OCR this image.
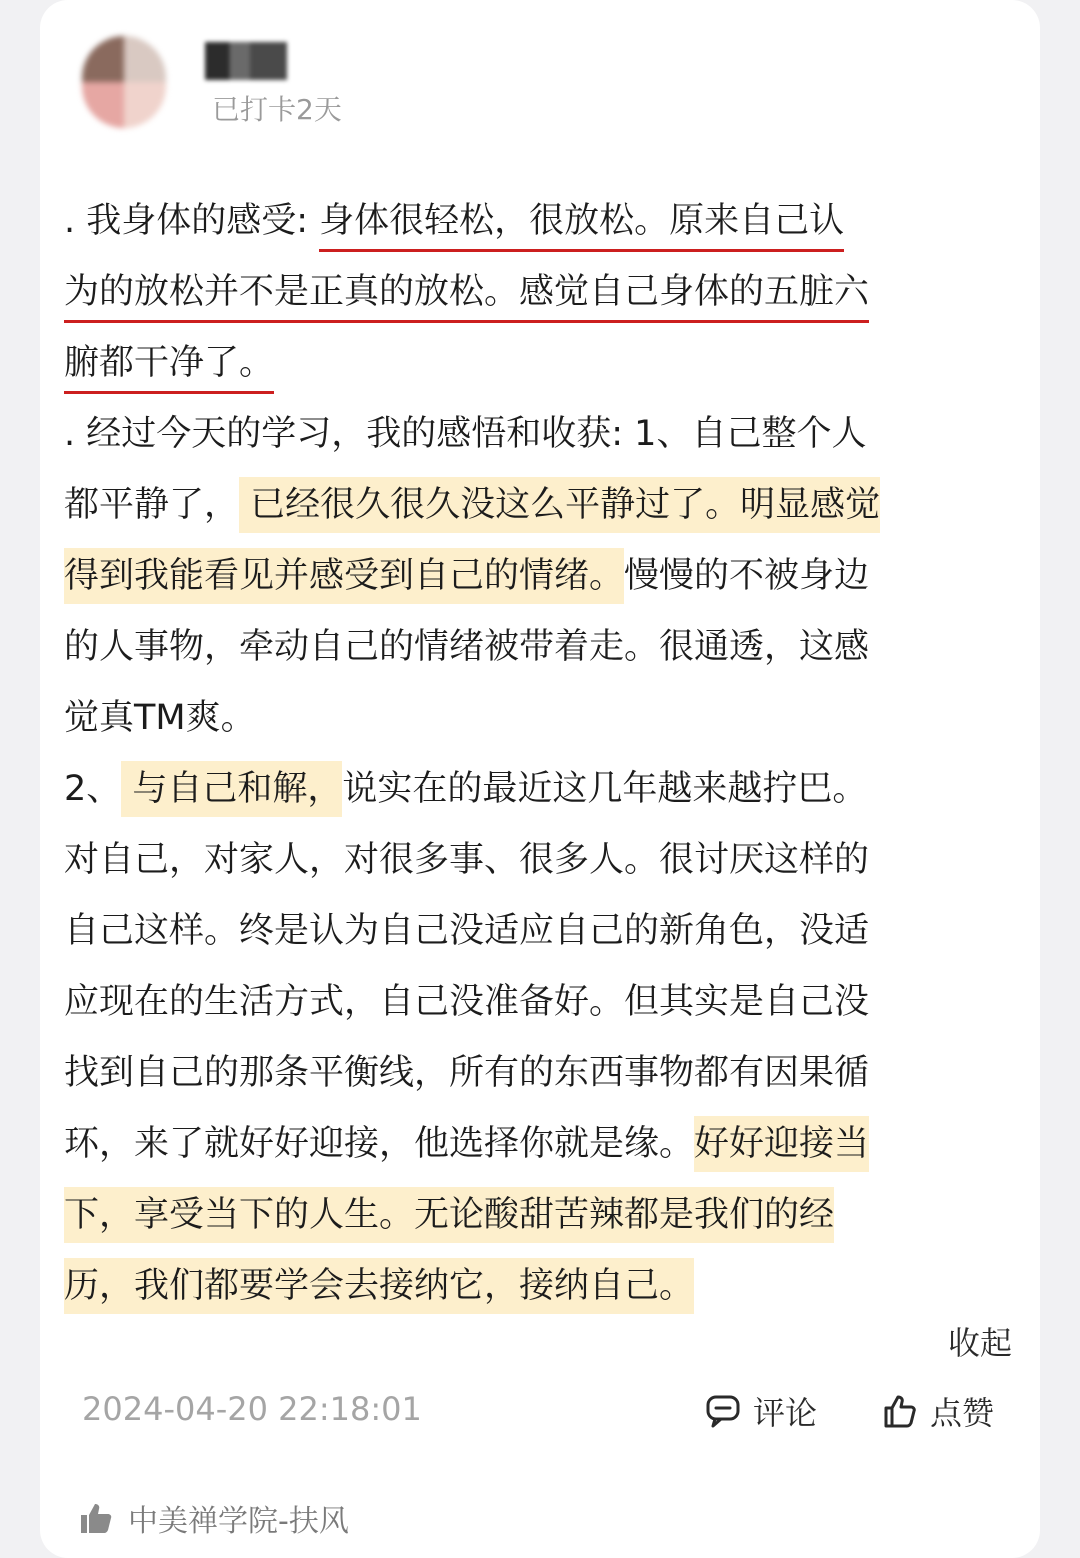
已打卡2天
. 我身体的感受: 身体很轻松，很放松。原来自己认
为的放松并不是正真的放松。感觉自己身体的五脏六
腑都干净了。
. 经过今天的学习，我的感悟和收获: 1、自己整个人
都平静了， 已经很久很久没这么平静过了。明显感觉
得到我能看见并感受到自己的情绪。慢慢的不被身边
的人事物，牵动自己的情绪被带着走。很通透，这感
觉真TM爽。
2、 与自己和解，说实在的最近这几年越来越拧巴。
对自己，对家人，对很多事、很多人。很讨厌这样的
自己这样。终是认为自己没适应自己的新角色，没适
应现在的生活方式，自己没准备好。但其实是自己没
找到自己的那条平衡线，所有的东西事物都有因果循
环，来了就好好迎接，他选择你就是缘。好好迎接当
下，享受当下的人生。无论酸甜苦辣都是我们的经
历，我们都要学会去接纳它，接纳自己。
收起
2024-04-20 22:18:01	评论	点赞
中美禅学院-扶风
